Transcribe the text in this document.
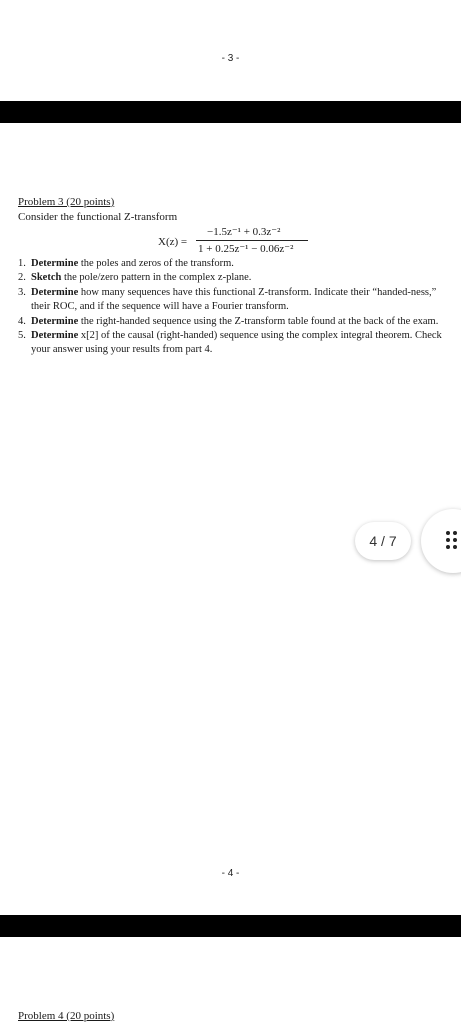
- 3 -
Problem 3 (20 points)
Consider the functional Z-transform
X(z) =
−1.5z⁻¹ + 0.3z⁻²
1 + 0.25z⁻¹ − 0.06z⁻²
1. Determine the poles and zeros of the transform.
2. Sketch the pole/zero pattern in the complex z-plane.
3. Determine how many sequences have this functional Z-transform. Indicate their “handed-ness,” their ROC, and if the sequence will have a Fourier transform.
4. Determine the right-handed sequence using the Z-transform table found at the back of the exam.
5. Determine x[2] of the causal (right-handed) sequence using the complex integral theorem. Check your answer using your results from part 4.
4 / 7
- 4 -
Problem 4 (20 points)
